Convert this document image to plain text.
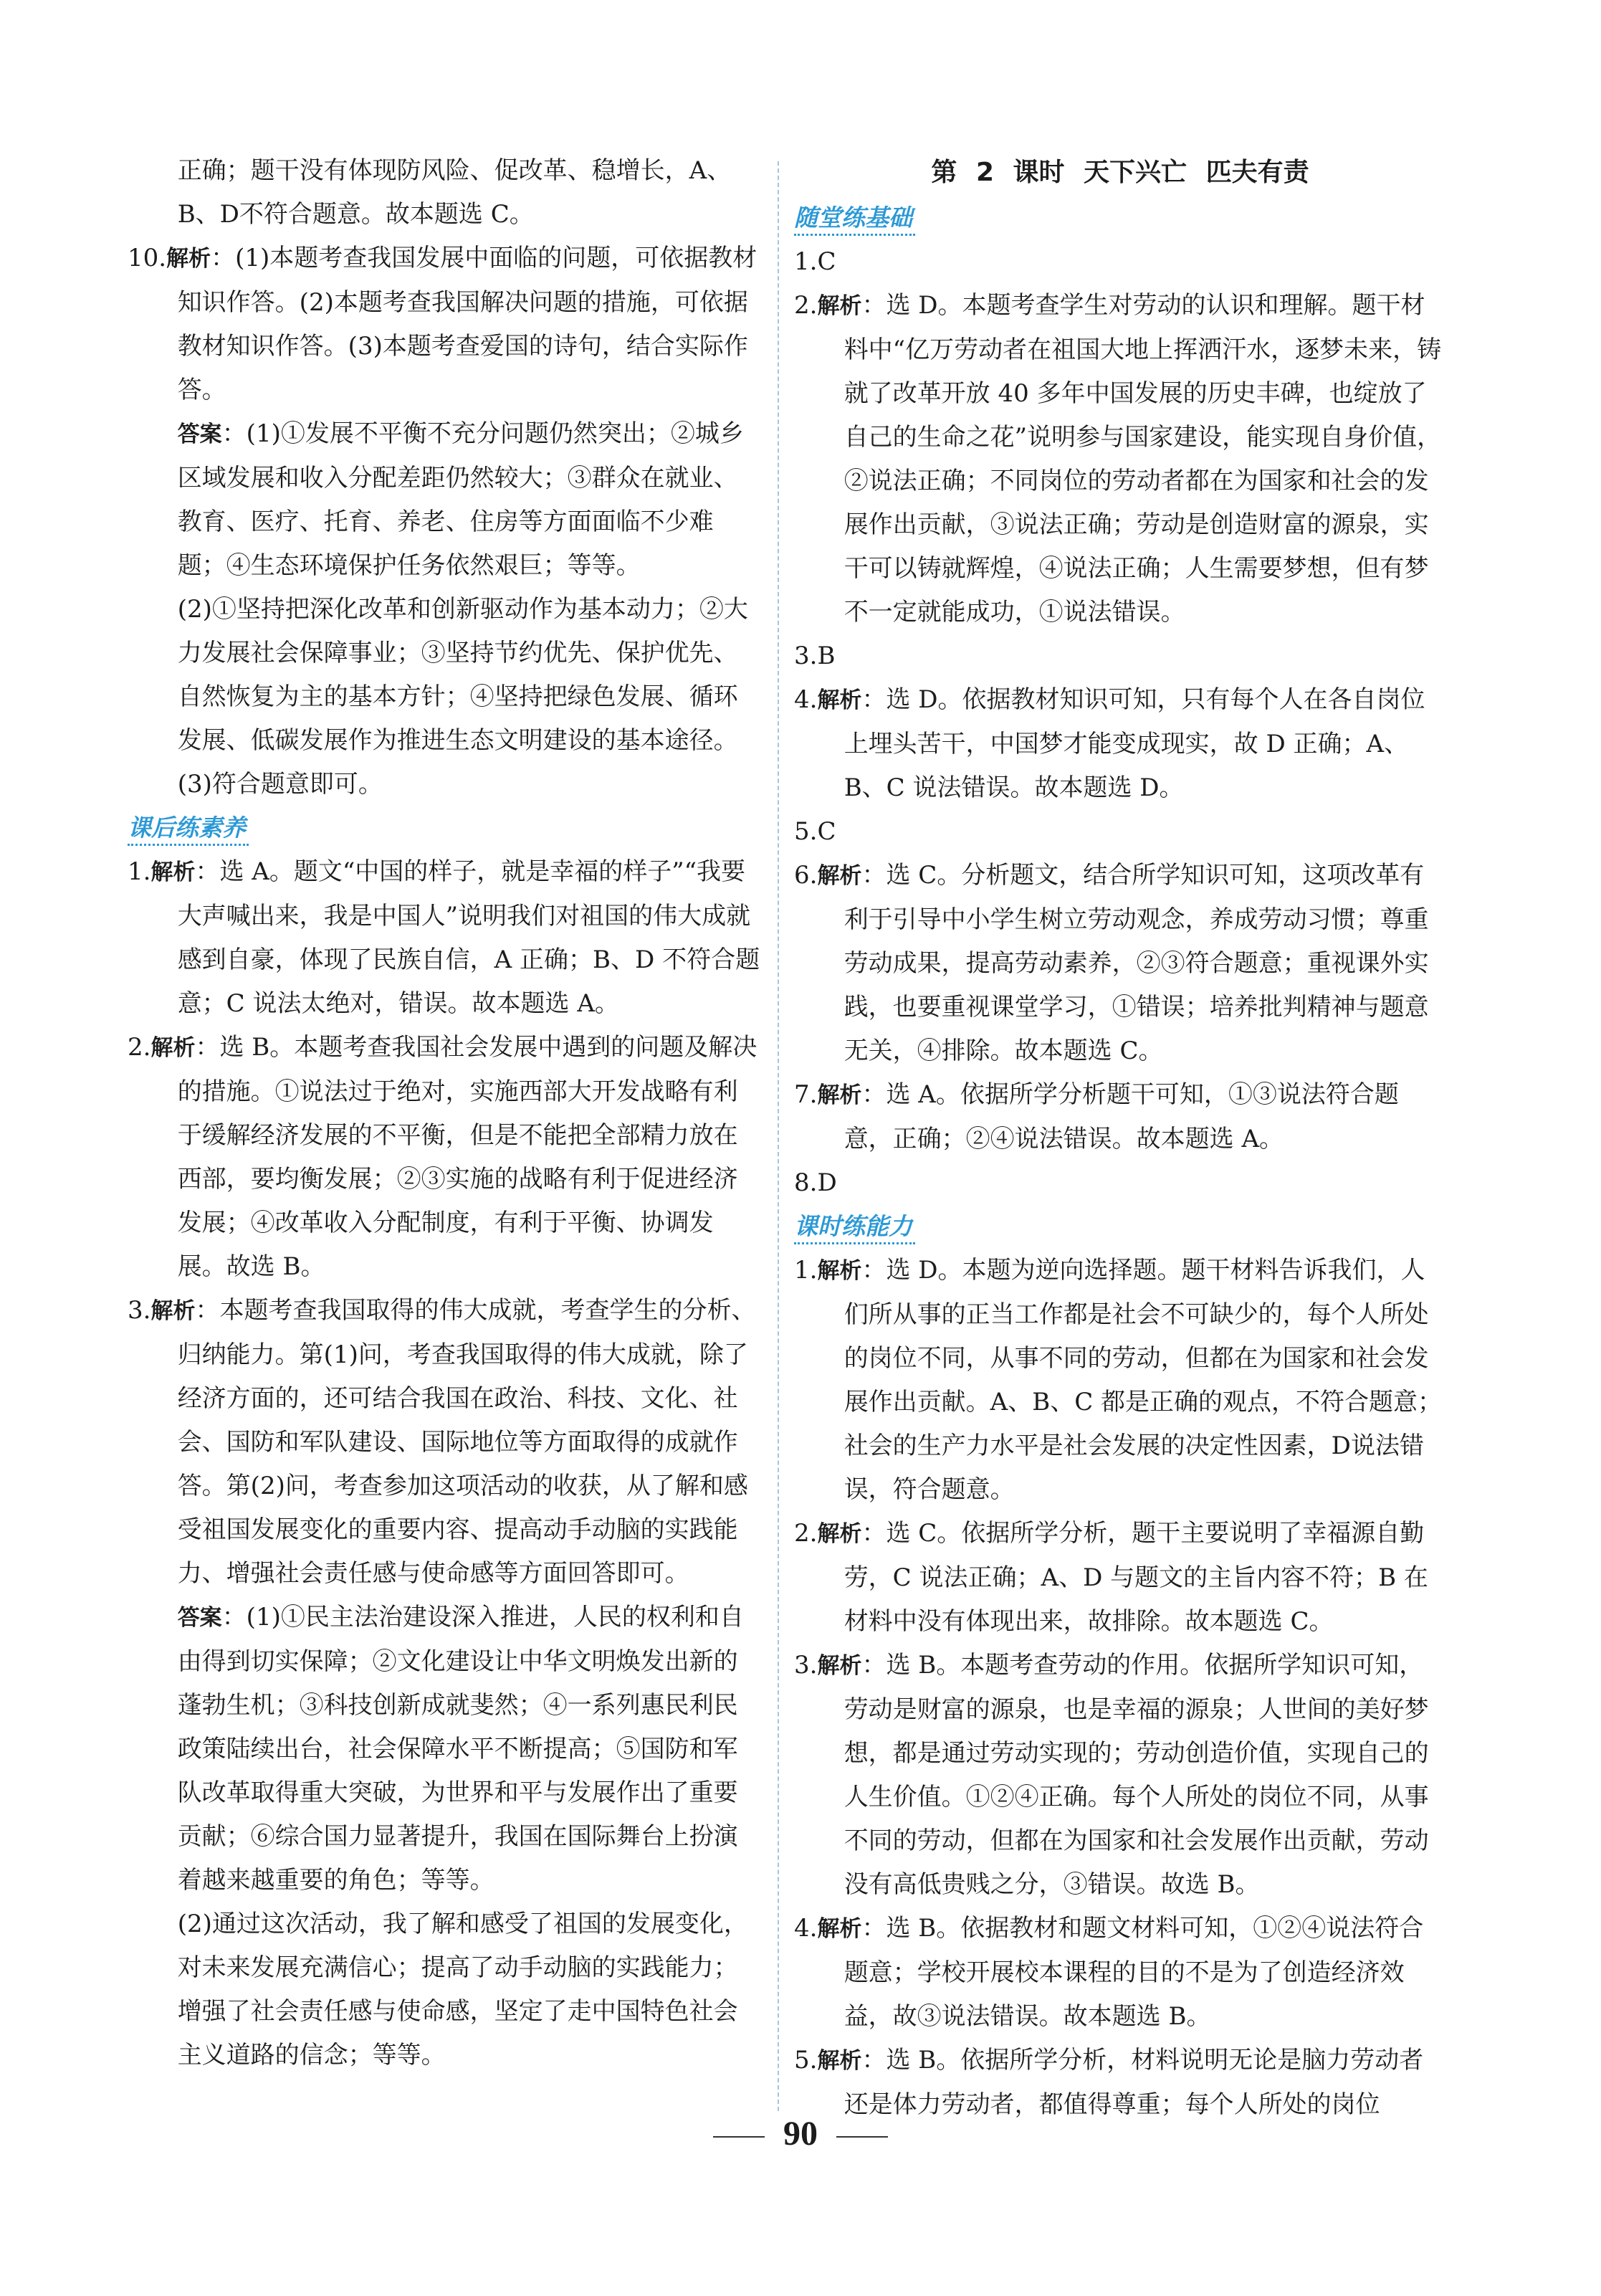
正确；题干没有体现防风险、促改革、稳增长，A、B、D不符合题意。故本题选 C。

10.解析：(1)本题考查我国发展中面临的问题，可依据教材知识作答。(2)本题考查我国解决问题的措施，可依据教材知识作答。(3)本题考查爱国的诗句，结合实际作答。

答案：(1)①发展不平衡不充分问题仍然突出；②城乡区域发展和收入分配差距仍然较大；③群众在就业、教育、医疗、托育、养老、住房等方面面临不少难题；④生态环境保护任务依然艰巨；等等。

(2)①坚持把深化改革和创新驱动作为基本动力；②大力发展社会保障事业；③坚持节约优先、保护优先、自然恢复为主的基本方针；④坚持把绿色发展、循环发展、低碳发展作为推进生态文明建设的基本途径。

(3)符合题意即可。

课后练素养

1.解析：选 A。题文“中国的样子，就是幸福的样子”“我要大声喊出来，我是中国人”说明我们对祖国的伟大成就感到自豪，体现了民族自信，A 正确；B、D 不符合题意；C 说法太绝对，错误。故本题选 A。

2.解析：选 B。本题考查我国社会发展中遇到的问题及解决的措施。①说法过于绝对，实施西部大开发战略有利于缓解经济发展的不平衡，但是不能把全部精力放在西部，要均衡发展；②③实施的战略有利于促进经济发展；④改革收入分配制度，有利于平衡、协调发展。故选 B。

3.解析：本题考查我国取得的伟大成就，考查学生的分析、归纳能力。第(1)问，考查我国取得的伟大成就，除了经济方面的，还可结合我国在政治、科技、文化、社会、国防和军队建设、国际地位等方面取得的成就作答。第(2)问，考查参加这项活动的收获，从了解和感受祖国发展变化的重要内容、提高动手动脑的实践能力、增强社会责任感与使命感等方面回答即可。

答案：(1)①民主法治建设深入推进，人民的权利和自由得到切实保障；②文化建设让中华文明焕发出新的蓬勃生机；③科技创新成就斐然；④一系列惠民利民政策陆续出台，社会保障水平不断提高；⑤国防和军队改革取得重大突破，为世界和平与发展作出了重要贡献；⑥综合国力显著提升，我国在国际舞台上扮演着越来越重要的角色；等等。

(2)通过这次活动，我了解和感受了祖国的发展变化，对未来发展充满信心；提高了动手动脑的实践能力；增强了社会责任感与使命感，坚定了走中国特色社会主义道路的信念；等等。

第 2 课时 天下兴亡 匹夫有责
随堂练基础

1.C

2.解析：选 D。本题考查学生对劳动的认识和理解。题干材料中“亿万劳动者在祖国大地上挥洒汗水，逐梦未来，铸就了改革开放 40 多年中国发展的历史丰碑，也绽放了自己的生命之花”说明参与国家建设，能实现自身价值，②说法正确；不同岗位的劳动者都在为国家和社会的发展作出贡献，③说法正确；劳动是创造财富的源泉，实干可以铸就辉煌，④说法正确；人生需要梦想，但有梦不一定就能成功，①说法错误。

3.B

4.解析：选 D。依据教材知识可知，只有每个人在各自岗位上埋头苦干，中国梦才能变成现实，故 D 正确；A、B、C 说法错误。故本题选 D。

5.C

6.解析：选 C。分析题文，结合所学知识可知，这项改革有利于引导中小学生树立劳动观念，养成劳动习惯；尊重劳动成果，提高劳动素养，②③符合题意；重视课外实践，也要重视课堂学习，①错误；培养批判精神与题意无关，④排除。故本题选 C。

7.解析：选 A。依据所学分析题干可知，①③说法符合题意，正确；②④说法错误。故本题选 A。

8.D

课时练能力

1.解析：选 D。本题为逆向选择题。题干材料告诉我们，人们所从事的正当工作都是社会不可缺少的，每个人所处的岗位不同，从事不同的劳动，但都在为国家和社会发展作出贡献。A、B、C 都是正确的观点，不符合题意；社会的生产力水平是社会发展的决定性因素，D说法错误，符合题意。

2.解析：选 C。依据所学分析，题干主要说明了幸福源自勤劳，C 说法正确；A、D 与题文的主旨内容不符；B 在材料中没有体现出来，故排除。故本题选 C。

3.解析：选 B。本题考查劳动的作用。依据所学知识可知，劳动是财富的源泉，也是幸福的源泉；人世间的美好梦想，都是通过劳动实现的；劳动创造价值，实现自己的人生价值。①②④正确。每个人所处的岗位不同，从事不同的劳动，但都在为国家和社会发展作出贡献，劳动没有高低贵贱之分，③错误。故选 B。

4.解析：选 B。依据教材和题文材料可知，①②④说法符合题意；学校开展校本课程的目的不是为了创造经济效益，故③说法错误。故本题选 B。

5.解析：选 B。依据所学分析，材料说明无论是脑力劳动者还是体力劳动者，都值得尊重；每个人所处的岗位

90
